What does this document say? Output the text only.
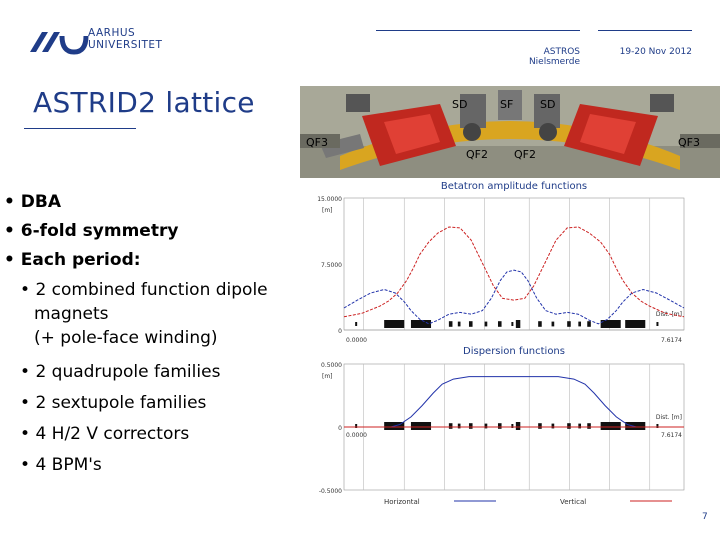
AARHUS
UNIVERSITET
ASTROS
Nielsmerde
19-20 Nov 2012
ASTRID2 lattice
QF3
SD	SF SD
QF2 QF2
QF3
• DBA
• 6-fold symmetry
• Each period:
• 2 combined function dipole
magnets
(+ pole-face winding)
• 2 quadrupole families
• 2 sextupole families
• 4 H/2 V correctors
• 4 BPM's
Betatron amplitude functions
15.0000
7.5000
0
[m]
0.0000	7.6174
Dist. [m]
Dispersion functions
0.5000
0
-0.5000
[m]
0.0000	7.6174
Dist. [m]
Horizontal	Vertical
7
